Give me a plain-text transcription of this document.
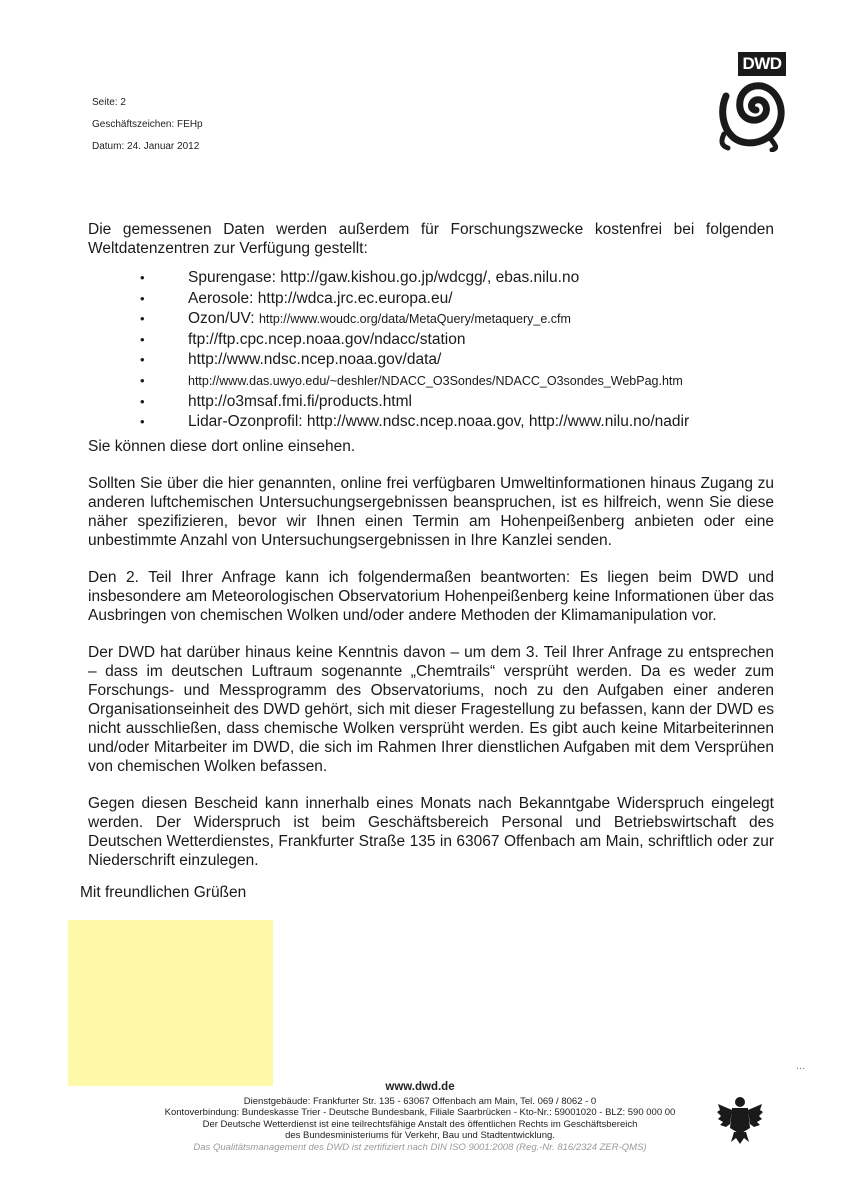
Seite: 2
Geschäftszeichen: FEHp
Datum: 24. Januar 2012
DWD

Die gemessenen Daten werden außerdem für Forschungszwecke kostenfrei bei folgenden Weltdatenzentren zur Verfügung gestellt:

• Spurengase: http://gaw.kishou.go.jp/wdcgg/, ebas.nilu.no
• Aerosole: http://wdca.jrc.ec.europa.eu/
• Ozon/UV: http://www.woudc.org/data/MetaQuery/metaquery_e.cfm
• ftp://ftp.cpc.ncep.noaa.gov/ndacc/station
• http://www.ndsc.ncep.noaa.gov/data/
• http://www.das.uwyo.edu/~deshler/NDACC_O3Sondes/NDACC_O3sondes_WebPag.htm
• http://o3msaf.fmi.fi/products.html
• Lidar-Ozonprofil: http://www.ndsc.ncep.noaa.gov, http://www.nilu.no/nadir

Sie können diese dort online einsehen.

Sollten Sie über die hier genannten, online frei verfügbaren Umweltinformationen hinaus Zugang zu anderen luftchemischen Untersuchungsergebnissen beanspruchen, ist es hilfreich, wenn Sie diese näher spezifizieren, bevor wir Ihnen einen Termin am Hohenpeißenberg anbieten oder eine unbestimmte Anzahl von Untersuchungsergebnissen in Ihre Kanzlei senden.

Den 2. Teil Ihrer Anfrage kann ich folgendermaßen beantworten: Es liegen beim DWD und insbesondere am Meteorologischen Observatorium Hohenpeißenberg keine Informationen über das Ausbringen von chemischen Wolken und/oder andere Methoden der Klimamanipulation vor.

Der DWD hat darüber hinaus keine Kenntnis davon – um dem 3. Teil Ihrer Anfrage zu entsprechen – dass im deutschen Luftraum sogenannte „Chemtrails“ versprüht werden. Da es weder zum Forschungs- und Messprogramm des Observatoriums, noch zu den Aufgaben einer anderen Organisationseinheit des DWD gehört, sich mit dieser Fragestellung zu befassen, kann der DWD es nicht ausschließen, dass chemische Wolken versprüht werden. Es gibt auch keine Mitarbeiterinnen und/oder Mitarbeiter im DWD, die sich im Rahmen Ihrer dienstlichen Aufgaben mit dem Versprühen von chemischen Wolken befassen.

Gegen diesen Bescheid kann innerhalb eines Monats nach Bekanntgabe Widerspruch eingelegt werden. Der Widerspruch ist beim Geschäftsbereich Personal und Betriebswirtschaft des Deutschen Wetterdienstes, Frankfurter Straße 135 in 63067 Offenbach am Main, schriftlich oder zur Niederschrift einzulegen.

Mit freundlichen Grüßen
...
www.dwd.de
Dienstgebäude: Frankfurter Str. 135 - 63067 Offenbach am Main, Tel. 069 / 8062 - 0
Kontoverbindung: Bundeskasse Trier - Deutsche Bundesbank, Filiale Saarbrücken - Kto-Nr.: 59001020 - BLZ: 590 000 00
Der Deutsche Wetterdienst ist eine teilrechtsfähige Anstalt des öffentlichen Rechts im Geschäftsbereich
des Bundesministeriums für Verkehr, Bau und Stadtentwicklung.
Das Qualitätsmanagement des DWD ist zertifiziert nach DIN ISO 9001:2008 (Reg.-Nr. 816/2324 ZER-QMS)
